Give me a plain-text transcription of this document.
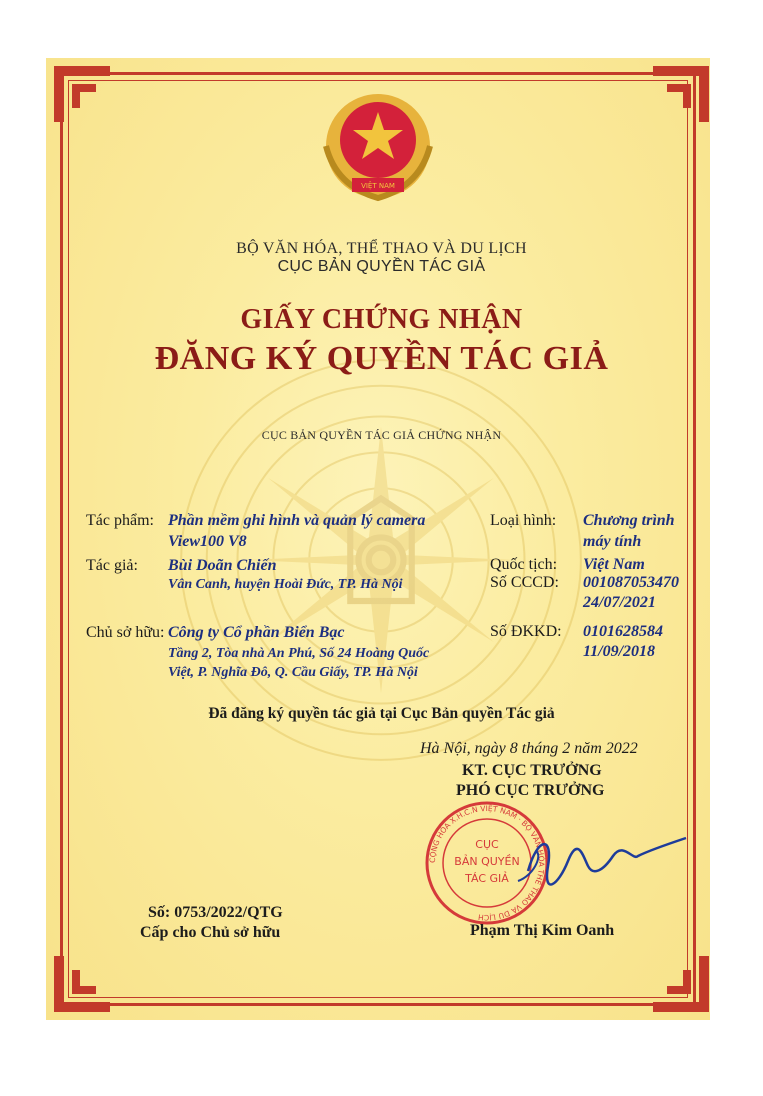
VIỆT NAM
BỘ VĂN HÓA, THỂ THAO VÀ DU LỊCH
CỤC BẢN QUYỀN TÁC GIẢ
GIẤY CHỨNG NHẬN
ĐĂNG KÝ QUYỀN TÁC GIẢ
CỤC BẢN QUYỀN TÁC GIẢ CHỨNG NHẬN
Tác phẩm: Phần mềm ghi hình và quản lý camera
View100 V8
Loại hình: Chương trình
máy tính
Tác giả: Bùi Doãn Chiến
Vân Canh, huyện Hoài Đức, TP. Hà Nội
Quốc tịch: Việt Nam
Số CCCD: 001087053470
24/07/2021
Chủ sở hữu: Công ty Cổ phần Biển Bạc
Tầng 2, Tòa nhà An Phú, Số 24 Hoàng Quốc
Việt, P. Nghĩa Đô, Q. Cầu Giấy, TP. Hà Nội
Số ĐKKD: 0101628584
11/09/2018
Đã đăng ký quyền tác giả tại Cục Bản quyền Tác giả
Hà Nội, ngày 8 tháng 2 năm 2022
KT. CỤC TRƯỞNG
PHÓ CỤC TRƯỞNG
CỘNG HÒA X.H.C.N VIỆT NAM · BỘ VĂN HÓA THỂ THAO VÀ DU LỊCH
CỤC
BẢN QUYỀN
TÁC GIẢ
Phạm Thị Kim Oanh
Số: 0753/2022/QTG
Cấp cho Chủ sở hữu
